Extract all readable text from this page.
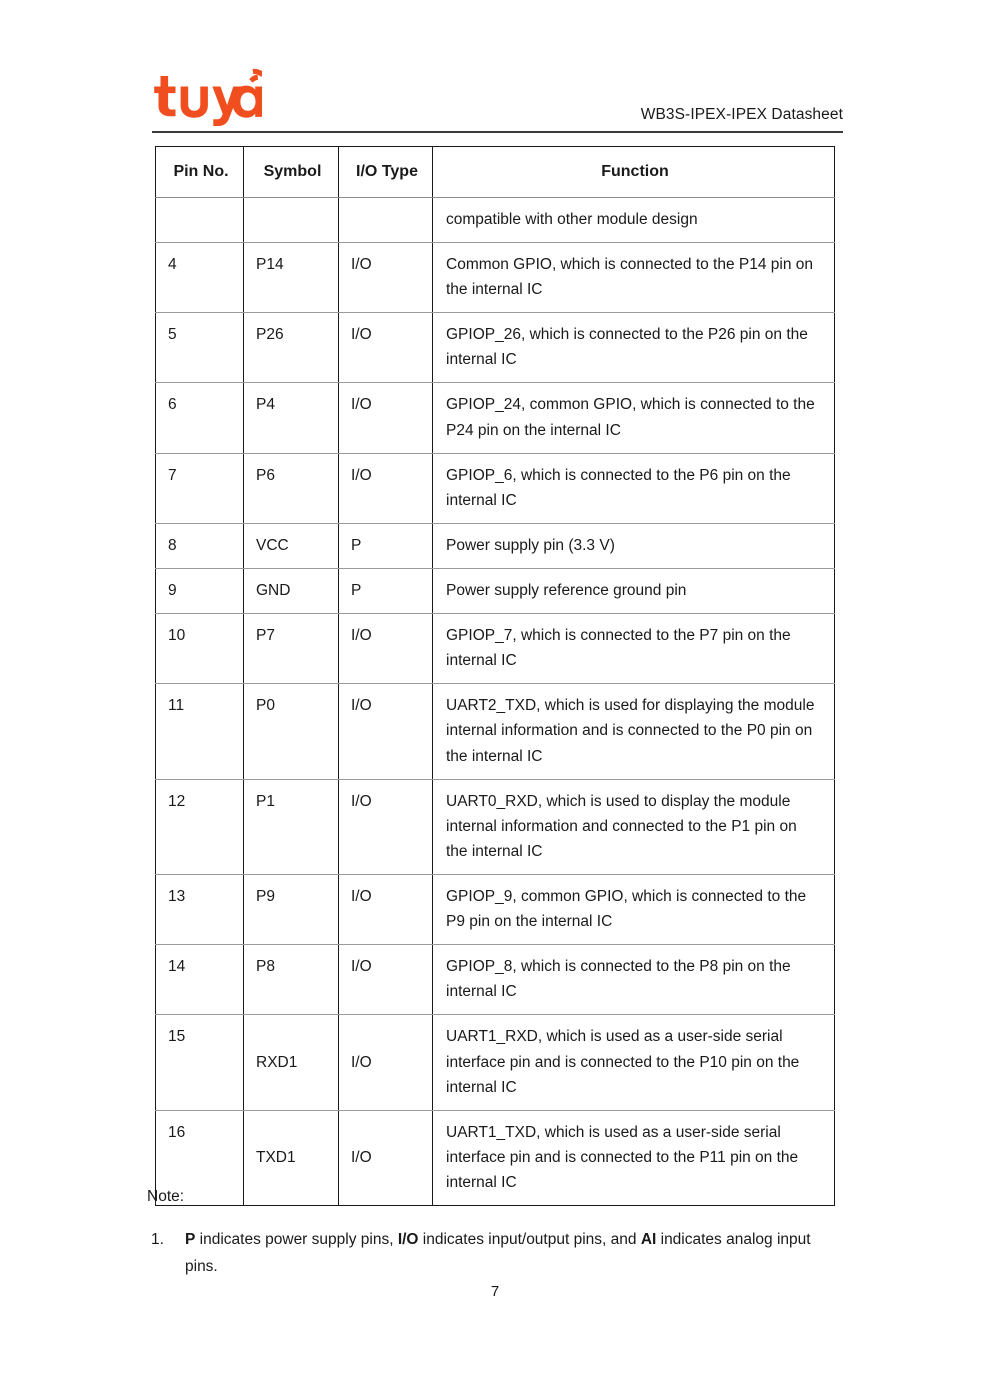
WB3S-IPEX-IPEX Datasheet
Pin No.	Symbol	I/O Type	Function
			compatible with other module design
4	P14	I/O	Common GPIO, which is connected to the P14 pin on the internal IC
5	P26	I/O	GPIOP_26, which is connected to the P26 pin on the internal IC
6	P4	I/O	GPIOP_24, common GPIO, which is connected to the P24 pin on the internal IC
7	P6	I/O	GPIOP_6, which is connected to the P6 pin on the internal IC
8	VCC	P	Power supply pin (3.3 V)
9	GND	P	Power supply reference ground pin
10	P7	I/O	GPIOP_7, which is connected to the P7 pin on the internal IC
11	P0	I/O	UART2_TXD, which is used for displaying the module internal information and is connected to the P0 pin on the internal IC
12	P1	I/O	UART0_RXD, which is used to display the module internal information and connected to the P1 pin on the internal IC
13	P9	I/O	GPIOP_9, common GPIO, which is connected to the P9 pin on the internal IC
14	P8	I/O	GPIOP_8, which is connected to the P8 pin on the internal IC
15	RXD1	I/O	UART1_RXD, which is used as a user-side serial interface pin and is connected to the P10 pin on the internal IC
16	TXD1	I/O	UART1_TXD, which is used as a user-side serial interface pin and is connected to the P11 pin on the internal IC
Note:
1. P indicates power supply pins, I/O indicates input/output pins, and AI indicates analog input pins.
7
